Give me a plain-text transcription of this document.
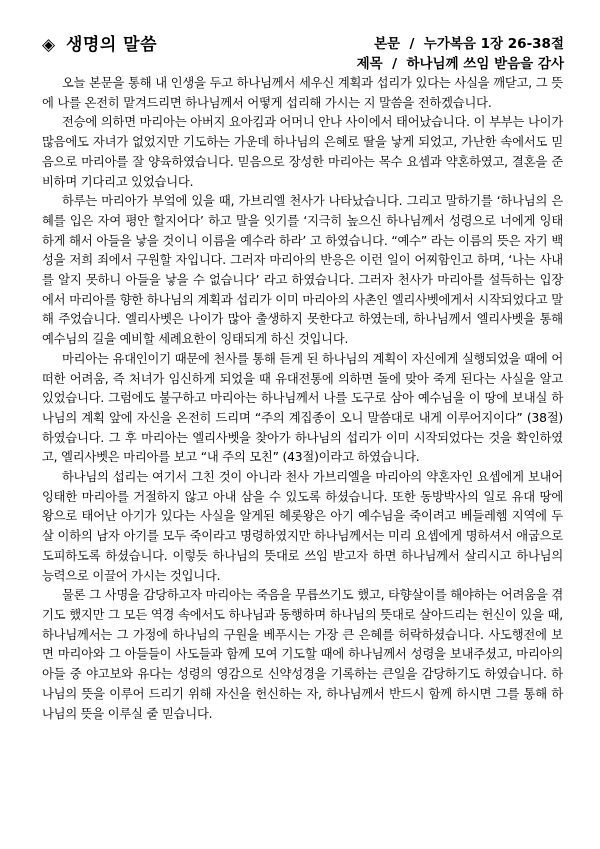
◈ 생명의 말씀	본문 / 누가복음 1장 26-38절
제목 / 하나님께 쓰임 받음을 감사

오늘 본문을 통해 내 인생을 두고 하나님께서 세우신 계획과 섭리가 있다는 사실을 깨닫고, 그 뜻에 나를 온전히 맡겨드리면 하나님께서 어떻게 섭리해 가시는 지 말씀을 전하겠습니다.

전승에 의하면 마리아는 아버지 요아킴과 어머니 안나 사이에서 태어났습니다. 이 부부는 나이가 많음에도 자녀가 없었지만 기도하는 가운데 하나님의 은혜로 딸을 낳게 되었고, 가난한 속에서도 믿음으로 마리아를 잘 양육하였습니다. 믿음으로 장성한 마리아는 목수 요셉과 약혼하였고, 결혼을 준비하며 기다리고 있었습니다.

하루는 마리아가 부엌에 있을 때, 가브리엘 천사가 나타났습니다. 그리고 말하기를 ‘하나님의 은혜를 입은 자여 평안 할지어다’ 하고 말을 잇기를 ‘지극히 높으신 하나님께서 성령으로 너에게 잉태하게 해서 아들을 낳을 것이니 이름을 예수라 하라’ 고 하였습니다. “예수” 라는 이름의 뜻은 자기 백성을 저희 죄에서 구원할 자입니다. 그러자 마리아의 반응은 이런 일이 어찌함인고 하며, ‘나는 사내를 알지 못하니 아들을 낳을 수 없습니다’ 라고 하였습니다. 그러자 천사가 마리아를 설득하는 입장에서 마리아를 향한 하나님의 계획과 섭리가 이미 마리아의 사촌인 엘리사벳에게서 시작되었다고 말해 주었습니다. 엘리사벳은 나이가 많아 출생하지 못한다고 하였는데, 하나님께서 엘리사벳을 통해 예수님의 길을 예비할 세례요한이 잉태되게 하신 것입니다.

마리아는 유대인이기 때문에 천사를 통해 듣게 된 하나님의 계획이 자신에게 실행되었을 때에 어떠한 어려움, 즉 처녀가 임신하게 되었을 때 유대전통에 의하면 돌에 맞아 죽게 된다는 사실을 알고 있었습니다. 그럼에도 불구하고 마리아는 하나님께서 나를 도구로 삼아 예수님을 이 땅에 보내실 하나님의 계획 앞에 자신을 온전히 드리며 “주의 계집종이 오니 말씀대로 내게 이루어지이다” (38절) 하였습니다. 그 후 마리아는 엘리사벳을 찾아가 하나님의 섭리가 이미 시작되었다는 것을 확인하였고, 엘리사벳은 마리아를 보고 “내 주의 모친” (43절)이라고 하였습니다.

하나님의 섭리는 여기서 그친 것이 아니라 천사 가브리엘을 마리아의 약혼자인 요셉에게 보내어 잉태한 마리아를 거절하지 않고 아내 삼을 수 있도록 하셨습니다. 또한 동방박사의 일로 유대 땅에 왕으로 태어난 아기가 있다는 사실을 알게된 헤롯왕은 아기 예수님을 죽이려고 베들레헴 지역에 두 살 이하의 남자 아기를 모두 죽이라고 명령하였지만 하나님께서는 미리 요셉에게 명하셔서 애굽으로 도피하도록 하셨습니다. 이렇듯 하나님의 뜻대로 쓰임 받고자 하면 하나님께서 살리시고 하나님의 능력으로 이끌어 가시는 것입니다.

물론 그 사명을 감당하고자 마리아는 죽음을 무릅쓰기도 했고, 타향살이를 해야하는 어려움을 겪기도 했지만 그 모든 역경 속에서도 하나님과 동행하며 하나님의 뜻대로 살아드리는 헌신이 있을 때, 하나님께서는 그 가정에 하나님의 구원을 베푸시는 가장 큰 은혜를 허락하셨습니다. 사도행전에 보면 마리아와 그 아들들이 사도들과 함께 모여 기도할 때에 하나님께서 성령을 보내주셨고, 마리아의 아들 중 야고보와 유다는 성령의 영감으로 신약성경을 기록하는 큰일을 감당하기도 하였습니다. 하나님의 뜻을 이루어 드리기 위해 자신을 헌신하는 자, 하나님께서 반드시 함께 하시면 그를 통해 하나님의 뜻을 이루실 줄 믿습니다.
